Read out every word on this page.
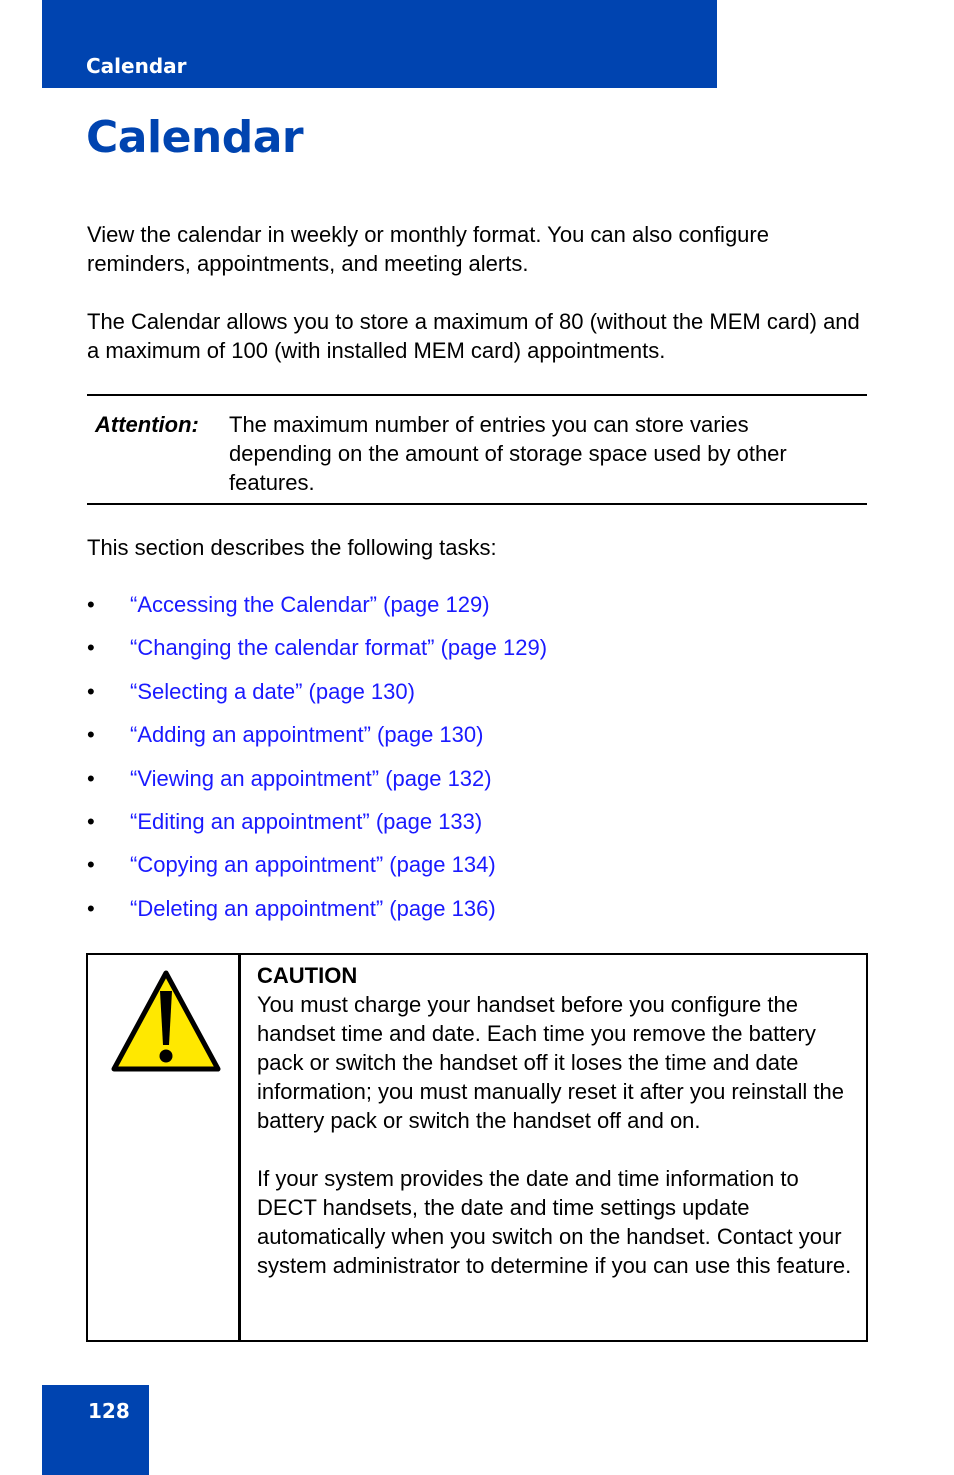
Calendar
Calendar

View the calendar in weekly or monthly format. You can also configure reminders, appointments, and meeting alerts.

The Calendar allows you to store a maximum of 80 (without the MEM card) and a maximum of 100 (with installed MEM card) appointments.

Attention: The maximum number of entries you can store varies depending on the amount of storage space used by other features.

This section describes the following tasks:

• “Accessing the Calendar” (page 129)
• “Changing the calendar format” (page 129)
• “Selecting a date” (page 130)
• “Adding an appointment” (page 130)
• “Viewing an appointment” (page 132)
• “Editing an appointment” (page 133)
• “Copying an appointment” (page 134)
• “Deleting an appointment” (page 136)
CAUTION
You must charge your handset before you configure the handset time and date. Each time you remove the battery pack or switch the handset off it loses the time and date information; you must manually reset it after you reinstall the battery pack or switch the handset off and on.
If your system provides the date and time information to DECT handsets, the date and time settings update automatically when you switch on the handset. Contact your system administrator to determine if you can use this feature.
128
